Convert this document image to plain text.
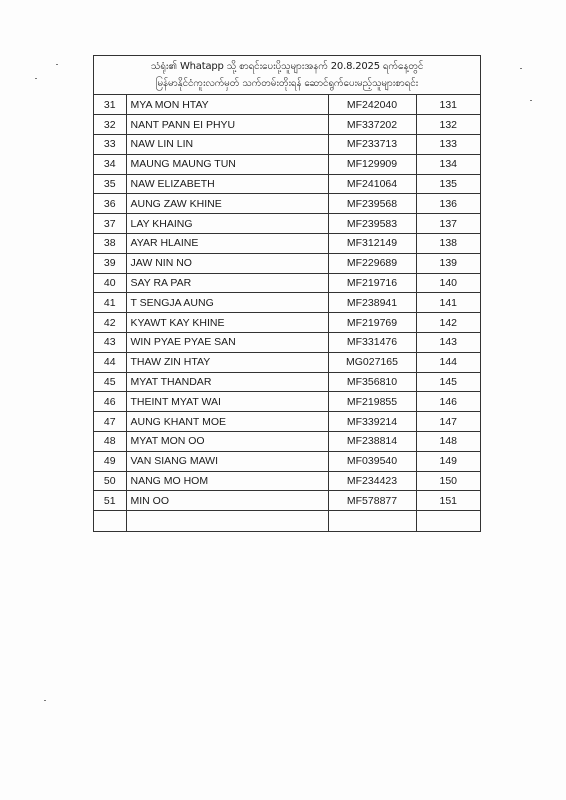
သံရုံး၏ Whatapp သို့ စာရင်းပေးပို့သူများအနက် 20.8.2025 ရက်နေ့တွင်
မြန်မာနိုင်ငံကူးလက်မှတ် သက်တမ်းတိုးရန် ဆောင်ရွက်ပေးမည့်သူများစာရင်း
31	MYA MON HTAY	MF242040	131
32	NANT PANN EI PHYU	MF337202	132
33	NAW LIN LIN	MF233713	133
34	MAUNG MAUNG TUN	MF129909	134
35	NAW ELIZABETH	MF241064	135
36	AUNG ZAW KHINE	MF239568	136
37	LAY KHAING	MF239583	137
38	AYAR HLAINE	MF312149	138
39	JAW NIN NO	MF229689	139
40	SAY RA PAR	MF219716	140
41	T SENGJA AUNG	MF238941	141
42	KYAWT KAY KHINE	MF219769	142
43	WIN PYAE PYAE SAN	MF331476	143
44	THAW ZIN HTAY	MG027165	144
45	MYAT THANDAR	MF356810	145
46	THEINT MYAT WAI	MF219855	146
47	AUNG KHANT MOE	MF339214	147
48	MYAT MON OO	MF238814	148
49	VAN SIANG MAWI	MF039540	149
50	NANG MO HOM	MF234423	150
51	MIN OO	MF578877	151
